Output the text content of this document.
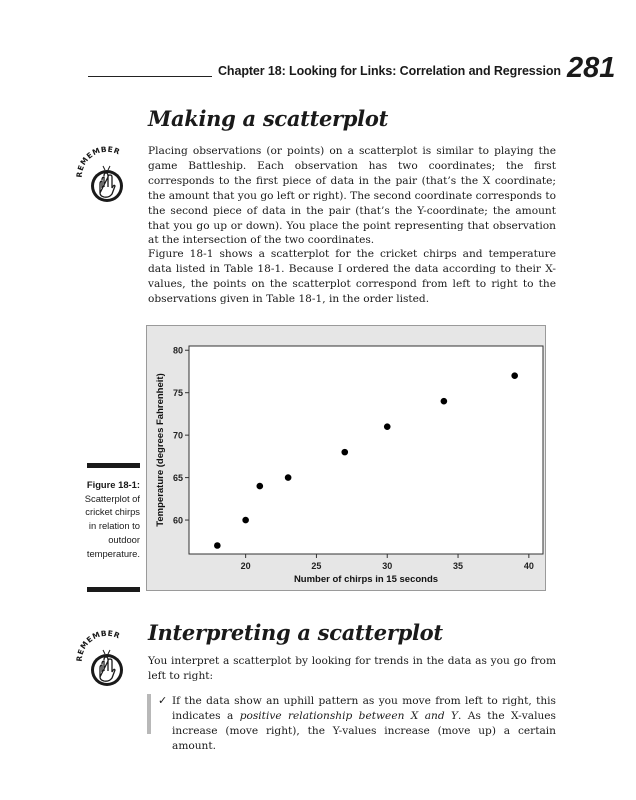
Chapter 18: Looking for Links: Correlation and Regression 281
Making a scatterplot
EMEMBER Placing observations (or points) on a scatterplot is similar to playing the game Battleship. Each observation has two coordinates; the first corresponds to the first piece of data in the pair (that’s the X coordinate; the amount that you go left or right). The second coordinate corresponds to the second piece of data in the pair (that’s the Y-coordinate; the amount that you go up or down). You place the point representing that observation at the intersection of the two coordinates.
Figure 18-1 shows a scatterplot for the cricket chirps and temperature data listed in Table 18-1. Because I ordered the data according to their X-values, the points on the scatterplot correspond from left to right to the observations given in Table 18-1, in the order listed.
60
65
70
75
80
20	25	30	35	40
Number of chirps in 15 seconds
Temperature (degrees Fahrenheit)
Figure 18-1:
Scatterplot of cricket chirps in relation to outdoor temperature.
Interpreting a scatterplot
EMEMBER
You interpret a scatterplot by looking for trends in the data as you go from left to right:
✓ If the data show an uphill pattern as you move from left to right, this indicates a positive relationship between X and Y. As the X-values increase (move right), the Y-values increase (move up) a certain amount.
